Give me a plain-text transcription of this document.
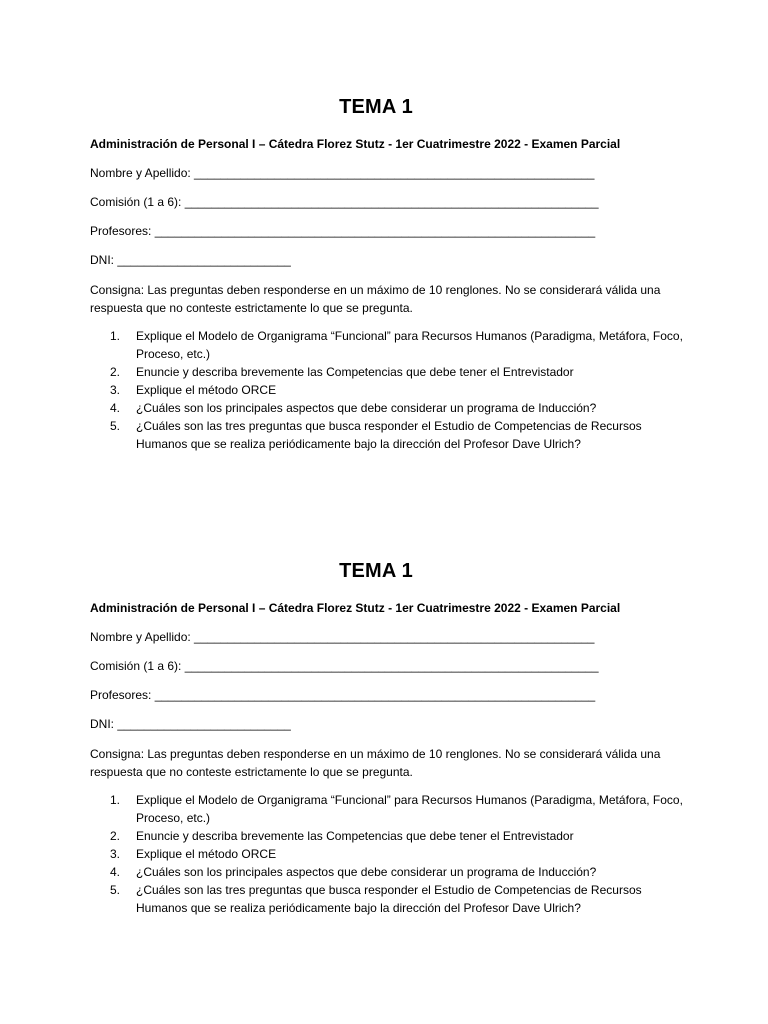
TEMA 1
Administración de Personal I – Cátedra Florez Stutz - 1er Cuatrimestre 2022 - Examen Parcial
Nombre y Apellido: ____________________________________________________________
Comisión (1 a 6): ______________________________________________________________
Profesores: __________________________________________________________________
DNI: __________________________
Consigna: Las preguntas deben responderse en un máximo de 10 renglones. No se considerará válida una respuesta que no conteste estrictamente lo que se pregunta.
1. Explique el Modelo de Organigrama “Funcional” para Recursos Humanos (Paradigma, Metáfora, Foco, Proceso, etc.)
2. Enuncie y describa brevemente las Competencias que debe tener el Entrevistador
3. Explique el método ORCE
4. ¿Cuáles son los principales aspectos que debe considerar un programa de Inducción?
5. ¿Cuáles son las tres preguntas que busca responder el Estudio de Competencias de Recursos Humanos que se realiza periódicamente bajo la dirección del Profesor Dave Ulrich?
TEMA 1
Administración de Personal I – Cátedra Florez Stutz - 1er Cuatrimestre 2022 - Examen Parcial
Nombre y Apellido: ____________________________________________________________
Comisión (1 a 6): ______________________________________________________________
Profesores: __________________________________________________________________
DNI: __________________________
Consigna: Las preguntas deben responderse en un máximo de 10 renglones. No se considerará válida una respuesta que no conteste estrictamente lo que se pregunta.
1. Explique el Modelo de Organigrama “Funcional” para Recursos Humanos (Paradigma, Metáfora, Foco, Proceso, etc.)
2. Enuncie y describa brevemente las Competencias que debe tener el Entrevistador
3. Explique el método ORCE
4. ¿Cuáles son los principales aspectos que debe considerar un programa de Inducción?
5. ¿Cuáles son las tres preguntas que busca responder el Estudio de Competencias de Recursos Humanos que se realiza periódicamente bajo la dirección del Profesor Dave Ulrich?
